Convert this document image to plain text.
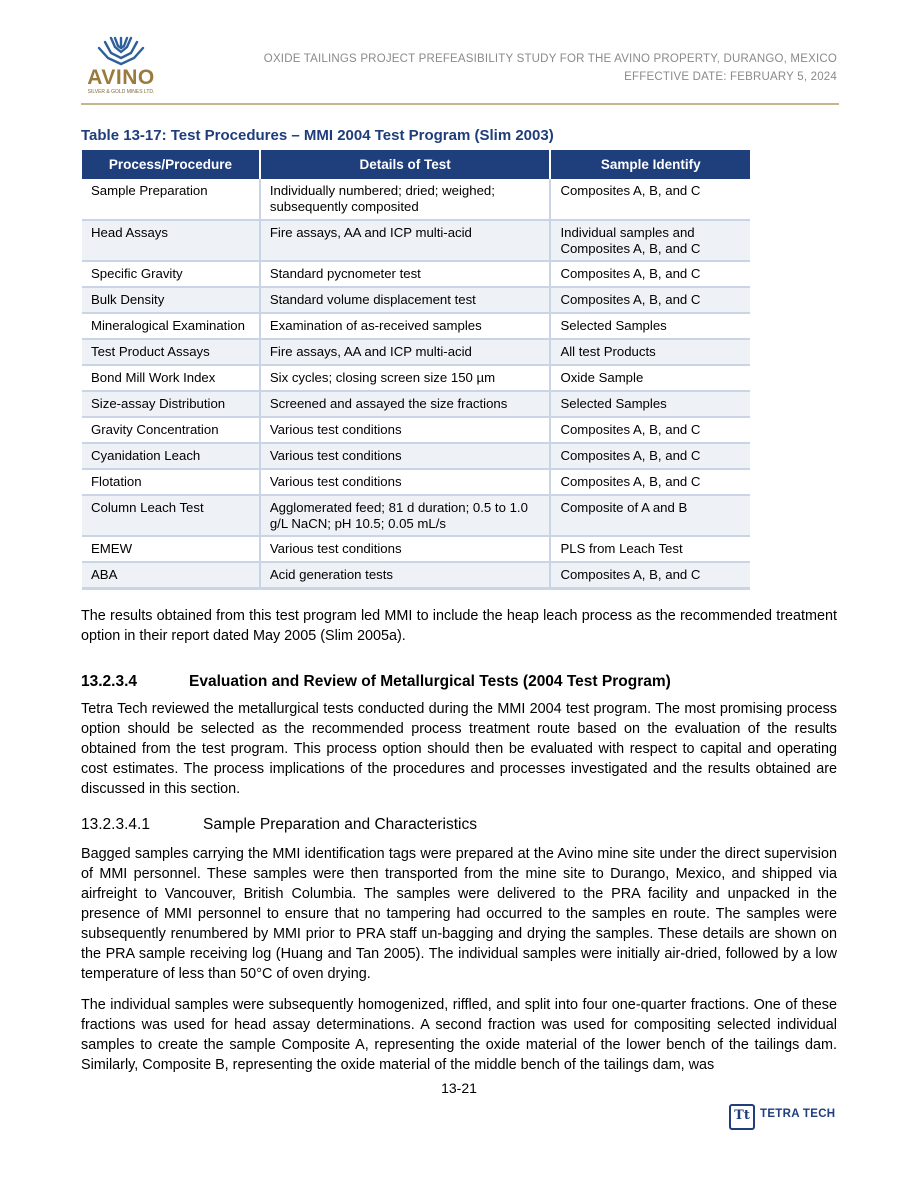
AVINO
SILVER & GOLD MINES LTD.
OXIDE TAILINGS PROJECT PREFEASIBILITY STUDY FOR THE AVINO PROPERTY, DURANGO, MEXICO
EFFECTIVE DATE: FEBRUARY 5, 2024
Table 13-17: Test Procedures – MMI 2004 Test Program (Slim 2003)
Process/Procedure	Details of Test	Sample Identify
Sample Preparation	Individually numbered; dried; weighed; subsequently composited	Composites A, B, and C
Head Assays	Fire assays, AA and ICP multi-acid	Individual samples and Composites A, B, and C
Specific Gravity	Standard pycnometer test	Composites A, B, and C
Bulk Density	Standard volume displacement test	Composites A, B, and C
Mineralogical Examination	Examination of as-received samples	Selected Samples
Test Product Assays	Fire assays, AA and ICP multi-acid	All test Products
Bond Mill Work Index	Six cycles; closing screen size 150 µm	Oxide Sample
Size-assay Distribution	Screened and assayed the size fractions	Selected Samples
Gravity Concentration	Various test conditions	Composites A, B, and C
Cyanidation Leach	Various test conditions	Composites A, B, and C
Flotation	Various test conditions	Composites A, B, and C
Column Leach Test	Agglomerated feed; 81 d duration; 0.5 to 1.0 g/L NaCN; pH 10.5; 0.05 mL/s	Composite of A and B
EMEW	Various test conditions	PLS from Leach Test
ABA	Acid generation tests	Composites A, B, and C
The results obtained from this test program led MMI to include the heap leach process as the recommended treatment option in their report dated May 2005 (Slim 2005a).
13.2.3.4	Evaluation and Review of Metallurgical Tests (2004 Test Program)
Tetra Tech reviewed the metallurgical tests conducted during the MMI 2004 test program. The most promising process option should be selected as the recommended process treatment route based on the evaluation of the results obtained from the test program. This process option should then be evaluated with respect to capital and operating cost estimates. The process implications of the procedures and processes investigated and the results obtained are discussed in this section.
13.2.3.4.1	Sample Preparation and Characteristics
Bagged samples carrying the MMI identification tags were prepared at the Avino mine site under the direct supervision of MMI personnel. These samples were then transported from the mine site to Durango, Mexico, and shipped via airfreight to Vancouver, British Columbia. The samples were delivered to the PRA facility and unpacked in the presence of MMI personnel to ensure that no tampering had occurred to the samples en route. The samples were subsequently renumbered by MMI prior to PRA staff un-bagging and drying the samples. These details are shown on the PRA sample receiving log (Huang and Tan 2005). The individual samples were initially air-dried, followed by a low temperature of less than 50°C of oven drying.
The individual samples were subsequently homogenized, riffled, and split into four one-quarter fractions. One of these fractions was used for head assay determinations. A second fraction was used for compositing selected individual samples to create the sample Composite A, representing the oxide material of the lower bench of the tailings dam. Similarly, Composite B, representing the oxide material of the middle bench of the tailings dam, was
13-21
Tt TETRA TECH
